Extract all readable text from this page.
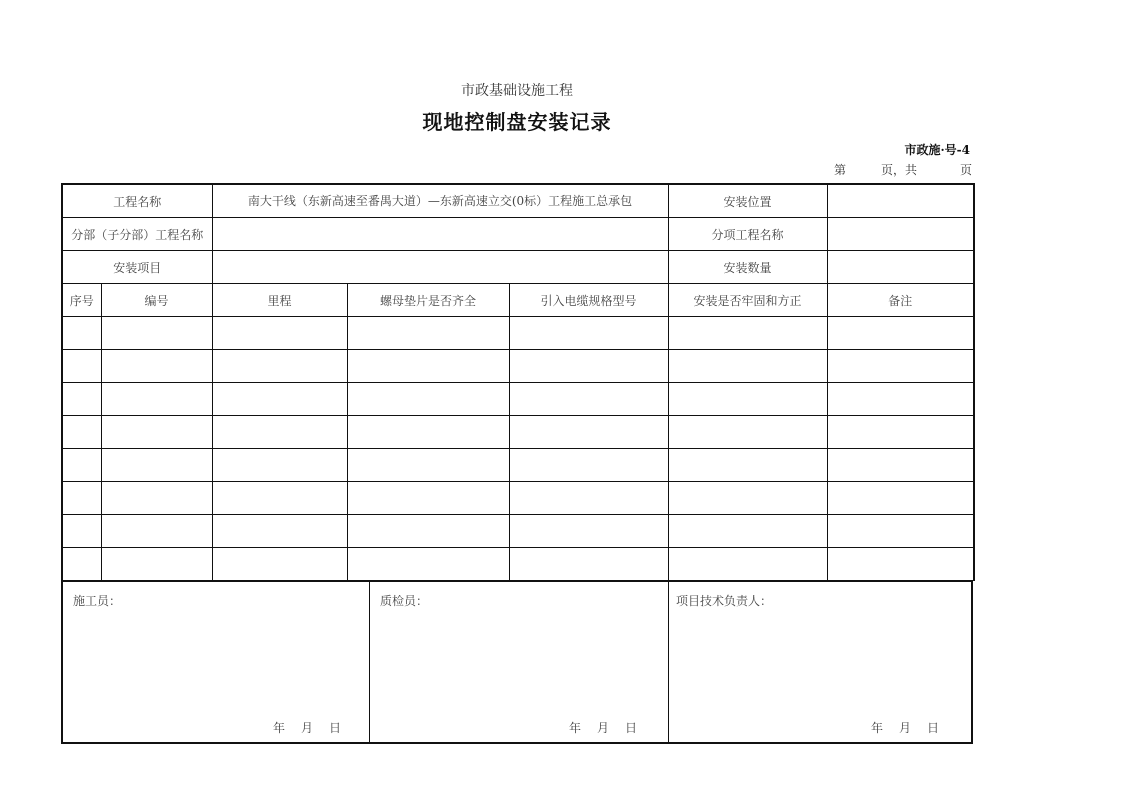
市政基础设施工程
现地控制盘安装记录
市政施·号-4
第	页，共	页
工程名称		南大干线（东新高速至番禺大道）—东新高速立交(0标）工程施工总承包			安装位置	
分部（子分部）工程名称					分项工程名称	
安装项目					安装数量	
序号	编号	里程	螺母垫片是否齐全	引入电缆规格型号	安装是否牢固和方正	备注

施工员：
年 月 日
质检员：
年 月 日
项目技术负责人：
年 月 日
